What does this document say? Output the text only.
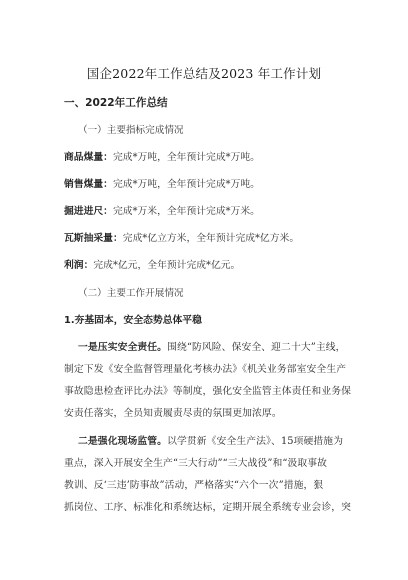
国企2022年工作总结及2023 年工作计划
一、2022年工作总结
（一）主要指标完成情况
商品煤量：完成*万吨，全年预计完成*万吨。
销售煤量：完成*万吨，全年预计完成*万吨。
掘进进尺：完成*万米，全年预计完成*万米。
瓦斯抽采量：完成*亿立方米，全年预计完成*亿方米。
利润：完成*亿元，全年预计完成*亿元。
（二）主要工作开展情况
1.夯基固本，安全态势总体平稳
一是压实安全责任。围绕“防风险、保安全、迎二十大”主线，
制定下发《安全监督管理量化考核办法》《机关业务部室安全生产
事故隐患检查评比办法》等制度，强化安全监管主体责任和业务保
安责任落实，全员知责履责尽责的氛围更加浓厚。
二是强化现场监管。以学贯新《安全生产法》、15项硬措施为
重点，深入开展安全生产“三大行动”“三大战役”和“汲取事故
教训、反‘三违’防事故”活动，严格落实“六个一次”措施，狠
抓岗位、工序、标准化和系统达标，定期开展全系统专业会诊，突
